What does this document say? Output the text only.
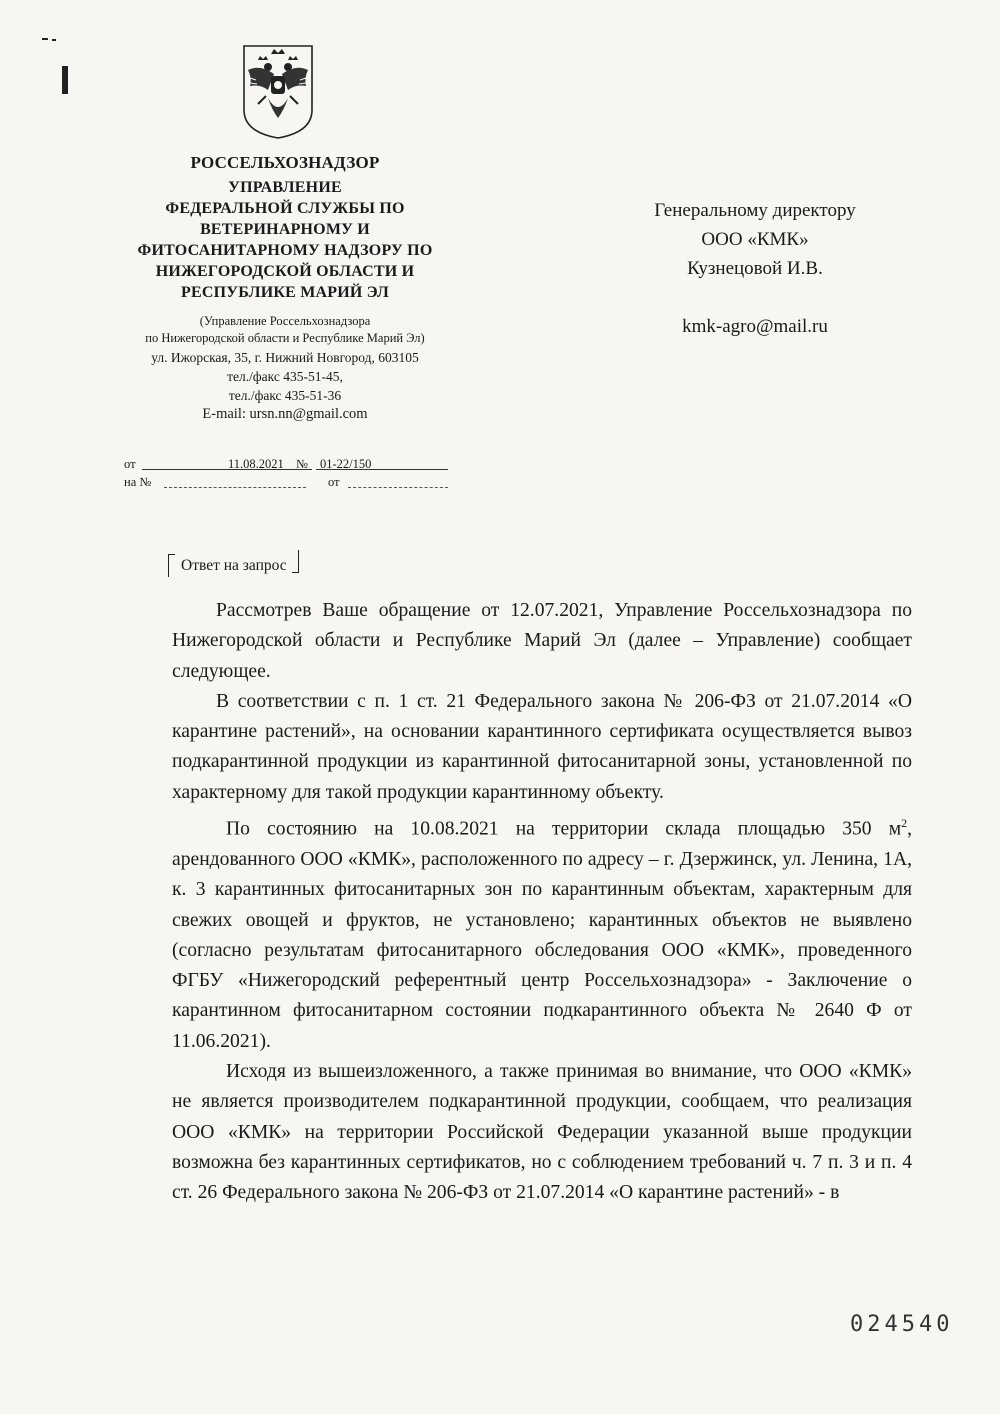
РОССЕЛЬХОЗНАДЗОР
УПРАВЛЕНИЕ
ФЕДЕРАЛЬНОЙ СЛУЖБЫ ПО
ВЕТЕРИНАРНОМУ И
ФИТОСАНИТАРНОМУ НАДЗОРУ ПО
НИЖЕГОРОДСКОЙ ОБЛАСТИ И
РЕСПУБЛИКЕ МАРИЙ ЭЛ
(Управление Россельхознадзора
по Нижегородской области и Республике Марий Эл)
ул. Ижорская, 35, г. Нижний Новгород, 603105
тел./факс 435-51-45,
тел./факс 435-51-36
E-mail: ursn.nn@gmail.com
от	11.08.2021 № 01-22/150
на №	от
Генеральному директору
ООО «КМК»
Кузнецовой И.В.
kmk-agro@mail.ru
Ответ на запрос

Рассмотрев Ваше обращение от 12.07.2021, Управление Россельхознадзора по Нижегородской области и Республике Марий Эл (далее – Управление) сообщает следующее.

В соответствии с п. 1 ст. 21 Федерального закона № 206-ФЗ от 21.07.2014 «О карантине растений», на основании карантинного сертификата осуществляется вывоз подкарантинной продукции из карантинной фитосанитарной зоны, установленной по характерному для такой продукции карантинному объекту.

По состоянию на 10.08.2021 на территории склада площадью 350 $м^2$, арендованного ООО «КМК», расположенного по адресу – г. Дзержинск, ул. Ленина, 1А, к. 3 карантинных фитосанитарных зон по карантинным объектам, характерным для свежих овощей и фруктов, не установлено; карантинных объектов не выявлено (согласно результатам фитосанитарного обследования ООО «КМК», проведенного ФГБУ «Нижегородский референтный центр Россельхознадзора» - Заключение о карантинном фитосанитарном состоянии подкарантинного объекта № 2640 Ф от 11.06.2021).

Исходя из вышеизложенного, а также принимая во внимание, что ООО «КМК» не является производителем подкарантинной продукции, сообщаем, что реализация ООО «КМК» на территории Российской Федерации указанной выше продукции возможна без карантинных сертификатов, но с соблюдением требований ч. 7 п. 3 и п. 4 ст. 26 Федерального закона № 206-ФЗ от 21.07.2014 «О карантине растений» - в

024540
